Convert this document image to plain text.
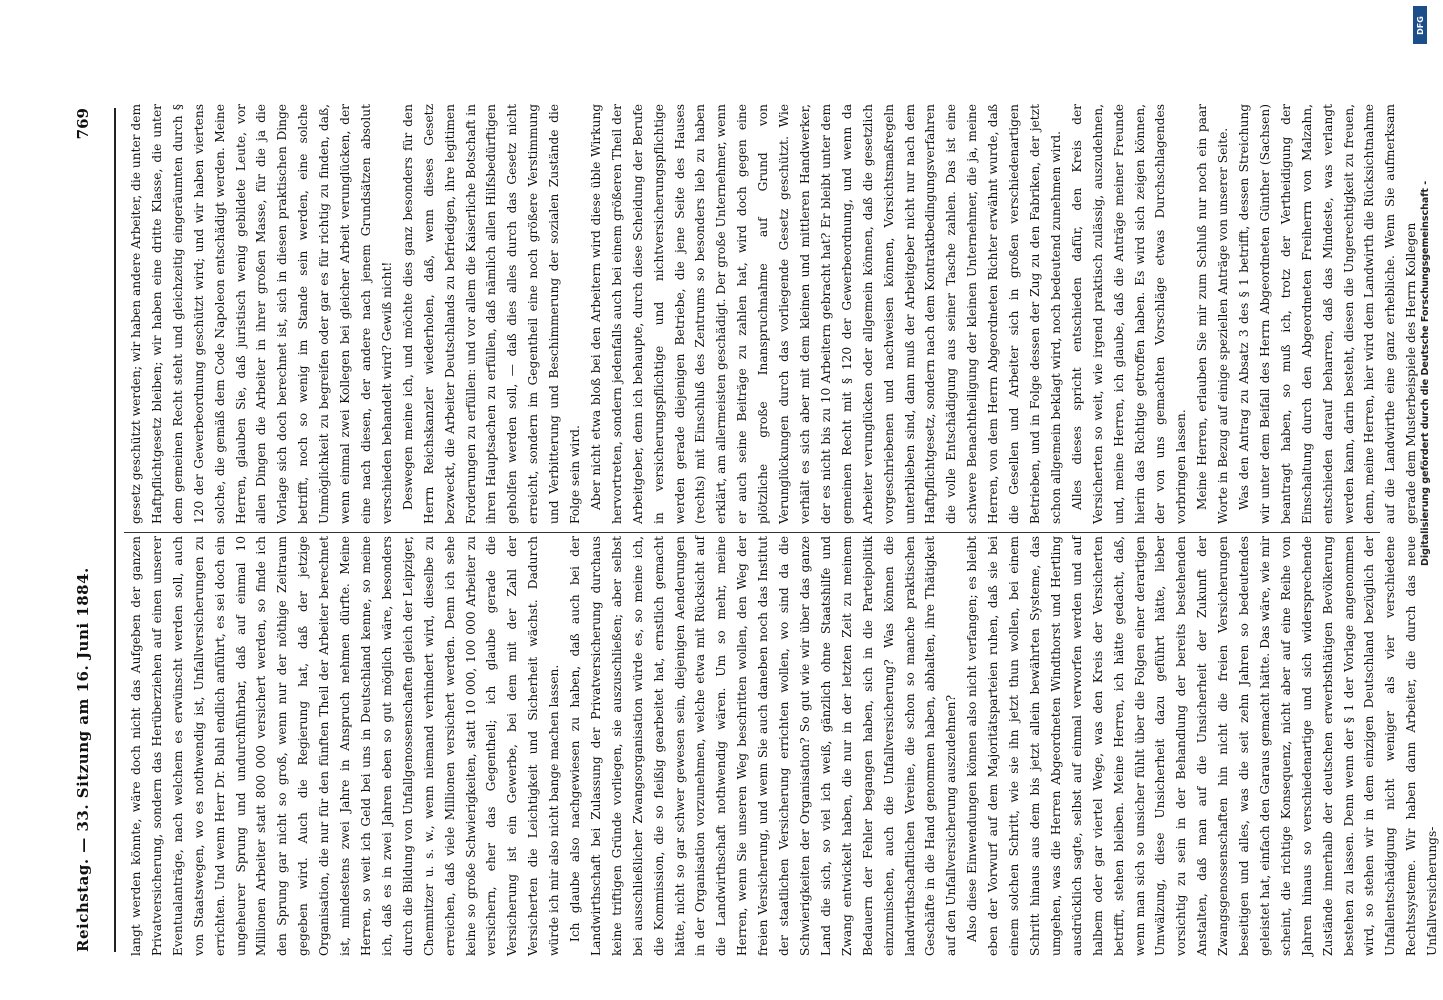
Reichstag. — 33. Sitzung am 16. Juni 1884.
769

langt werden könnte, wäre doch nicht das Aufgeben der ganzen Privatversicherung, sondern das Herüberziehen auf einen unserer Eventualanträge, nach welchem es erwünscht werden soll, auch von Staatswegen, wo es nothwendig ist, Unfallversicherungen zu errichten. Und wenn Herr Dr. Buhl endlich anführt, es sei doch ein ungeheurer Sprung und undurchführbar, daß auf einmal 10 Millionen Arbeiter statt 800 000 versichert werden, so finde ich den Sprung gar nicht so groß, wenn nur der nöthige Zeitraum gegeben wird. Auch die Regierung hat, daß der jetzige Organisation, die nur für den fünften Theil der Arbeiter berechnet ist, mindestens zwei Jahre in Anspruch nehmen dürfte. Meine Herren, so weit ich Geld bei uns in Deutschland kenne, so meine ich, daß es in zwei Jahren eben so gut möglich wäre, besonders durch die Bildung von Unfallgenossenschaften gleich der Leipziger, Chemnitzer u. s. w., wenn niemand verhindert wird, dieselbe zu erreichen, daß viele Millionen versichert werden. Denn ich sehe keine so große Schwierigkeiten, statt 10 000, 100 000 Arbeiter zu versichern, eher das Gegentheil; ich glaube gerade die Versicherung ist ein Gewerbe, bei dem mit der Zahl der Versicherten die Leichtigkeit und Sicherheit wächst. Dadurch würde ich mir also nicht bange machen lassen. Ich glaube also nachgewiesen zu haben, daß auch bei der Landwirthschaft bei Zulassung der Privatversicherung durchaus keine triftigen Gründe vorliegen, sie auszuschließen; aber selbst bei ausschließlicher Zwangsorganisation würde es, so meine ich, die Kommission, die so fleißig gearbeitet hat, ernstlich gemacht hätte, nicht so gar schwer gewesen sein, diejenigen Aenderungen in der Organisation vorzunehmen, welche etwa mit Rücksicht auf die Landwirthschaft nothwendig wären. Um so mehr, meine Herren, wenn Sie unseren Weg beschritten wollen, den Weg der freien Versicherung, und wenn Sie auch daneben noch das Institut der staatlichen Versicherung errichten wollen, wo sind da die Schwierigkeiten der Organisation? So gut wie wir über das ganze Land die sich, so viel ich weiß, gänzlich ohne Staatshilfe und Zwang entwickelt haben, die nur in der letzten Zeit zu meinem Bedauern der Fehler begangen haben, sich in die Parteipolitik einzumischen, auch die Unfallversicherung? Was können die landwirthschaftlichen Vereine, die schon so manche praktischen Geschäfte in die Hand genommen haben, abhalten, ihre Thätigkeit auf den Unfallversicherung auszudehnen? Also diese Einwendungen können also nicht verfangen; es bleibt eben der Vorwurf auf dem Majoritätsparteien ruhen, daß sie bei einem solchen Schritt, wie sie ihn jetzt thun wollen, bei einem Schritt hinaus aus dem bis jetzt allein bewährten Systeme, das umgehen, was die Herren Abgeordneten Windthorst und Hertling ausdrücklich sagte, selbst auf einmal verworfen werden und auf halbem oder gar viertel Wege, was den Kreis der Versicherten betrifft, stehen bleiben. Meine Herren, ich hätte gedacht, daß, wenn man sich so unsicher fühlt über die Folgen einer derartigen Umwälzung, diese Unsicherheit dazu geführt hätte, lieber vorsichtig zu sein in der Behandlung der bereits bestehenden Anstalten, daß man auf die Unsicherheit der Zukunft der Zwangsgenossenschaften hin nicht die freien Versicherungen beseitigen und alles, was die seit zehn Jahren so bedeutendes geleistet hat, einfach den Garaus gemacht hätte. Das wäre, wie mir scheint, die richtige Konsequenz, nicht aber auf eine Reihe von Jahren hinaus so verschiedenartige und sich widersprechende Zustände innerhalb der deutschen erwerbsthätigen Bevölkerung bestehen zu lassen. Denn wenn der § 1 der Vorlage angenommen wird, so stehen wir in dem einzigen Deutschland bezüglich der Unfallentschädigung nicht weniger als vier verschiedene Rechtssysteme. Wir haben dann Arbeiter, die durch das neue Unfallversicherungs-

gesetz geschützt werden; wir haben andere Arbeiter, die unter dem Haftpflichtgesetz bleiben; wir haben eine dritte Klasse, die unter dem gemeinen Recht steht und gleichzeitig eingeräumten durch § 120 der Gewerbeordnung geschützt wird; und wir haben viertens solche, die gemäß dem Code Napoleon entschädigt werden. Meine Herren, glauben Sie, daß juristisch wenig gebildete Leute, vor allen Dingen die Arbeiter in ihrer großen Masse, für die ja die Vorlage sich doch berechnet ist, sich in diesen praktischen Dinge betrifft, noch so wenig im Stande sein werden, eine solche Unmöglichkeit zu begreifen oder gar es für richtig zu finden, daß, wenn einmal zwei Kollegen bei gleicher Arbeit verunglücken, der eine nach diesen, der andere nach jenem Grundsätzen absolut verschieden behandelt wird? Gewiß nicht! Deswegen meine ich, und möchte dies ganz besonders für den Herrn Reichskanzler wiederholen, daß, wenn dieses Gesetz bezweckt, die Arbeiter Deutschlands zu befriedigen, ihre legitimen Forderungen zu erfüllen: und vor allem die Kaiserliche Botschaft in ihren Hauptsachen zu erfüllen, daß nämlich allen Hilfsbedürftigen geholfen werden soll, — daß dies alles durch das Gesetz nicht erreicht, sondern im Gegentheil eine noch größere Verstimmung und Verbitterung und Beschimmerung der sozialen Zustände die Folge sein wird. Aber nicht etwa bloß bei den Arbeitern wird diese üble Wirkung hervortreten, sondern jedenfalls auch bei einem größeren Theil der Arbeitgeber, denn ich behaupte, durch diese Scheidung der Berufe in versicherungspflichtige und nichtversicherungspflichtige werden gerade diejenigen Betriebe, die jene Seite des Hauses (rechts) mit Einschluß des Zentrums so besonders lieb zu haben erklärt, am allermeisten geschädigt. Der große Unternehmer, wenn er auch seine Beiträge zu zahlen hat, wird doch gegen eine plötzliche große Inanspruchnahme auf Grund von Verunglückungen durch das vorliegende Gesetz geschützt. Wie verhält es sich aber mit dem kleinen und mittleren Handwerker, der es nicht bis zu 10 Arbeitern gebracht hat? Er bleibt unter dem gemeinen Recht mit § 120 der Gewerbeordnung, und wenn da Arbeiter verunglücken oder allgemein können, daß die gesetzlich vorgeschriebenen und nachweisen können, Vorsichtsmaßregeln unterblieben sind, dann muß der Arbeitgeber nicht nur nach dem Haftpflichtgesetz, sondern nach dem Kontraktbedingungsverfahren die volle Entschädigung aus seiner Tasche zahlen. Das ist eine schwere Benachtheiligung der kleinen Unternehmer, die ja, meine Herren, von dem Herrn Abgeordneten Richter erwähnt wurde, daß die Gesellen und Arbeiter sich in großen verschiedenartigen Betrieben, und in Folge dessen der Zug zu den Fabriken, der jetzt schon allgemein beklagt wird, noch bedeutend zunehmen wird. Alles dieses spricht entschieden dafür, den Kreis der Versicherten so weit, wie irgend praktisch zulässig, auszudehnen, und, meine Herren, ich glaube, daß die Anträge meiner Freunde hierin das Richtige getroffen haben. Es wird sich zeigen können, der von uns gemachten Vorschläge etwas Durchschlagendes vorbringen lassen. Meine Herren, erlauben Sie mir zum Schluß nur noch ein paar Worte in Bezug auf einige speziellen Anträge von unserer Seite. Was den Antrag zu Absatz 3 des § 1 betrifft, dessen Streichung wir unter dem Beifall des Herrn Abgeordneten Günther (Sachsen) beantragt haben, so muß ich, trotz der Vertheidigung der Einschaltung durch den Abgeordneten Freiherrn von Malzahn, entschieden darauf beharren, daß das Mindeste, was verlangt werden kann, darin besteht, diesen die Ungerechtigkeit zu freuen, denn, meine Herren, hier wird dem Landwirth die Rücksichtnahme auf die Landwirthe eine ganz erhebliche. Wenn Sie aufmerksam gerade dem Musterbeispiele des Herrn Kollegen

DFG
Digitalisierung gefördert durch die Deutsche Forschungsgemeinschaft -
